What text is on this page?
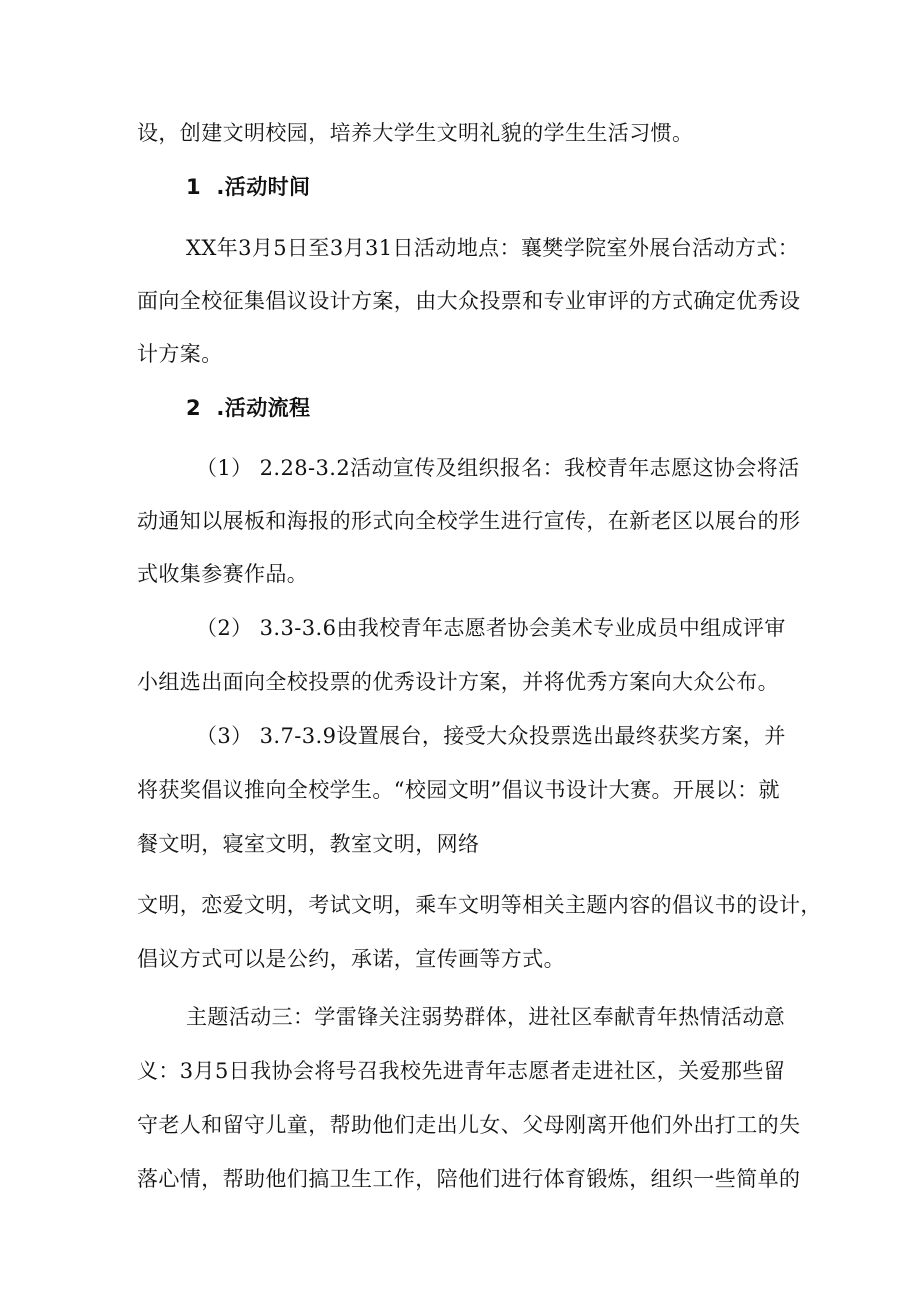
设，创建文明校园，培养大学生文明礼貌的学生生活习惯。
1  .活动时间
XX年3月5日至3月31日活动地点：襄樊学院室外展台活动方式：
面向全校征集倡议设计方案，由大众投票和专业审评的方式确定优秀设
计方案。
2  .活动流程
（1） 2.28-3.2活动宣传及组织报名：我校青年志愿这协会将活
动通知以展板和海报的形式向全校学生进行宣传，在新老区以展台的形
式收集参赛作品。
（2） 3.3-3.6由我校青年志愿者协会美术专业成员中组成评审
小组选出面向全校投票的优秀设计方案，并将优秀方案向大众公布。
（3） 3.7-3.9设置展台，接受大众投票选出最终获奖方案，并
将获奖倡议推向全校学生。“校园文明”倡议书设计大赛。开展以：就
餐文明，寝室文明，教室文明，网络
文明，恋爱文明，考试文明，乘车文明等相关主题内容的倡议书的设计，
倡议方式可以是公约，承诺，宣传画等方式。
主题活动三：学雷锋关注弱势群体，进社区奉献青年热情活动意
义：3月5日我协会将号召我校先进青年志愿者走进社区，关爱那些留
守老人和留守儿童，帮助他们走出儿女、父母刚离开他们外出打工的失
落心情，帮助他们搞卫生工作，陪他们进行体育锻炼，组织一些简单的
